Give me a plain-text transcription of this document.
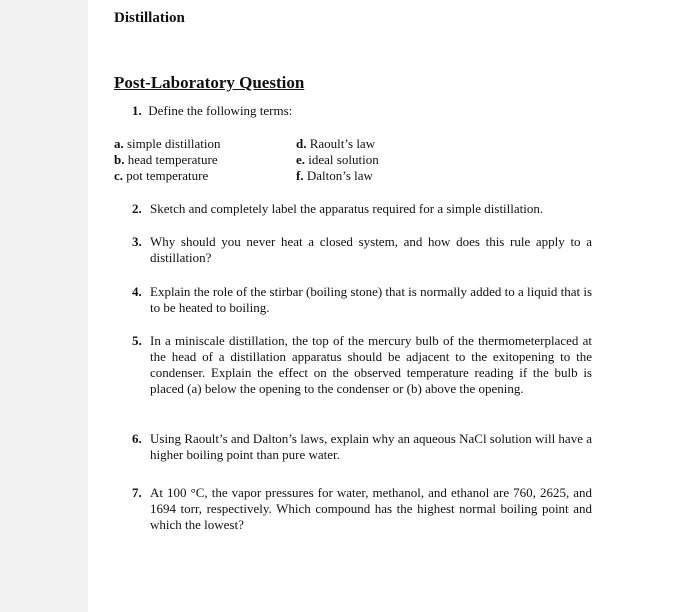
Distillation
Post-Laboratory Question
1. Define the following terms:
a. simple distillation
b. head temperature
c. pot temperature
d. Raoult’s law
e. ideal solution
f. Dalton’s law
2. Sketch and completely label the apparatus required for a simple distillation.
3. Why should you never heat a closed system, and how does this rule apply to a distillation?
4. Explain the role of the stirbar (boiling stone) that is normally added to a liquid that is to be heated to boiling.
5. In a miniscale distillation, the top of the mercury bulb of the thermometerplaced at the head of a distillation apparatus should be adjacent to the exitopening to the condenser. Explain the effect on the observed temperature reading if the bulb is placed (a) below the opening to the condenser or (b) above the opening.
6. Using Raoult’s and Dalton’s laws, explain why an aqueous NaCl solution will have a higher boiling point than pure water.
7. At 100 °C, the vapor pressures for water, methanol, and ethanol are 760, 2625, and 1694 torr, respectively. Which compound has the highest normal boiling point and which the lowest?
